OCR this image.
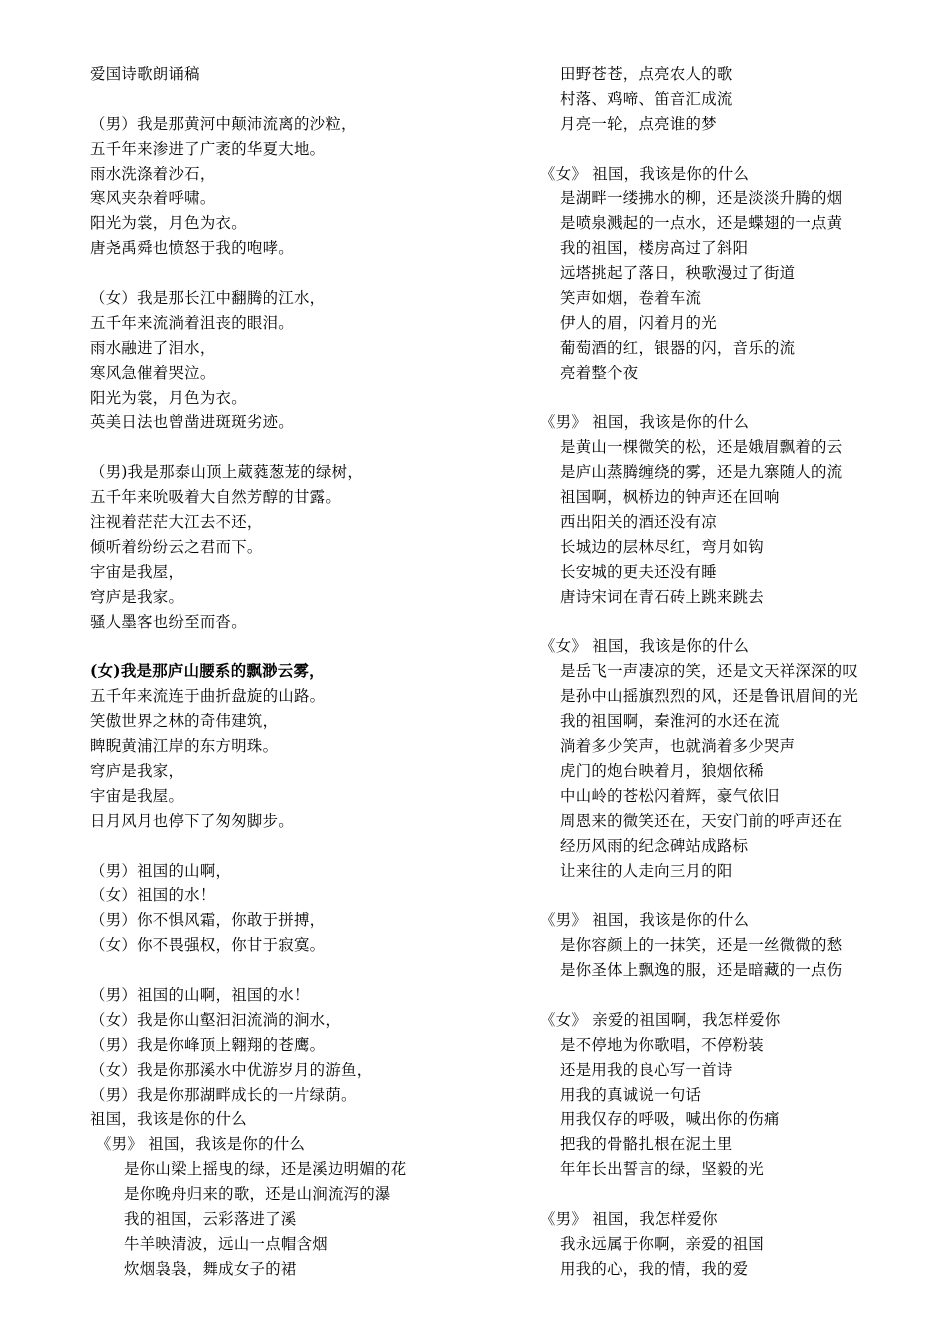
爱国诗歌朗诵稿
（男）我是那黄河中颠沛流离的沙粒，
五千年来渗进了广袤的华夏大地。
雨水洗涤着沙石，
寒风夹杂着呼啸。
阳光为裳，月色为衣。
唐尧禹舜也愤怒于我的咆哮。
（女）我是那长江中翻腾的江水，
五千年来流淌着沮丧的眼泪。
雨水融进了泪水，
寒风急催着哭泣。
阳光为裳，月色为衣。
英美日法也曾凿进斑斑劣迹。
（男)我是那泰山顶上葳蕤葱茏的绿树，
五千年来吮吸着大自然芳醇的甘露。
注视着茫茫大江去不还，
倾听着纷纷云之君而下。
宇宙是我屋，
穹庐是我家。
骚人墨客也纷至而沓。
(女)我是那庐山腰系的飘渺云雾，
五千年来流连于曲折盘旋的山路。
笑傲世界之林的奇伟建筑，
睥睨黄浦江岸的东方明珠。
穹庐是我家，
宇宙是我屋。
日月风月也停下了匆匆脚步。
（男）祖国的山啊，
（女）祖国的水！
（男）你不惧风霜，你敢于拼搏，
（女）你不畏强权，你甘于寂寞。
（男）祖国的山啊，祖国的水！
（女）我是你山壑汩汩流淌的涧水，
（男）我是你峰顶上翱翔的苍鹰。
（女）我是你那溪水中优游岁月的游鱼，
（男）我是你那湖畔成长的一片绿荫。
祖国，我该是你的什么
《男》 祖国，我该是你的什么
是你山梁上摇曳的绿，还是溪边明媚的花
是你晚舟归来的歌，还是山涧流泻的瀑
我的祖国，云彩落进了溪
牛羊映清波，远山一点帽含烟
炊烟袅袅，舞成女子的裙
田野苍苍，点亮农人的歌
村落、鸡啼、笛音汇成流
月亮一轮，点亮谁的梦
《女》 祖国，我该是你的什么
是湖畔一缕拂水的柳，还是淡淡升腾的烟
是喷泉溅起的一点水，还是蝶翅的一点黄
我的祖国，楼房高过了斜阳
远塔挑起了落日，秧歌漫过了街道
笑声如烟，卷着车流
伊人的眉，闪着月的光
葡萄酒的红，银器的闪，音乐的流
亮着整个夜
《男》 祖国，我该是你的什么
是黄山一棵微笑的松，还是娥眉飘着的云
是庐山蒸腾缠绕的雾，还是九寨随人的流
祖国啊，枫桥边的钟声还在回响
西出阳关的酒还没有凉
长城边的层林尽红，弯月如钩
长安城的更夫还没有睡
唐诗宋词在青石砖上跳来跳去
《女》 祖国，我该是你的什么
是岳飞一声凄凉的笑，还是文天祥深深的叹
是孙中山摇旗烈烈的风，还是鲁讯眉间的光
我的祖国啊，秦淮河的水还在流
淌着多少笑声，也就淌着多少哭声
虎门的炮台映着月，狼烟依稀
中山岭的苍松闪着辉，豪气依旧
周恩来的微笑还在，天安门前的呼声还在
经历风雨的纪念碑站成路标
让来往的人走向三月的阳
《男》 祖国，我该是你的什么
是你容颜上的一抹笑，还是一丝微微的愁
是你圣体上飘逸的服，还是暗藏的一点伤
《女》 亲爱的祖国啊，我怎样爱你
是不停地为你歌唱，不停粉装
还是用我的良心写一首诗
用我的真诚说一句话
用我仅存的呼吸，喊出你的伤痛
把我的骨骼扎根在泥土里
年年长出誓言的绿，坚毅的光
《男》 祖国，我怎样爱你
我永远属于你啊，亲爱的祖国
用我的心，我的情，我的爱
